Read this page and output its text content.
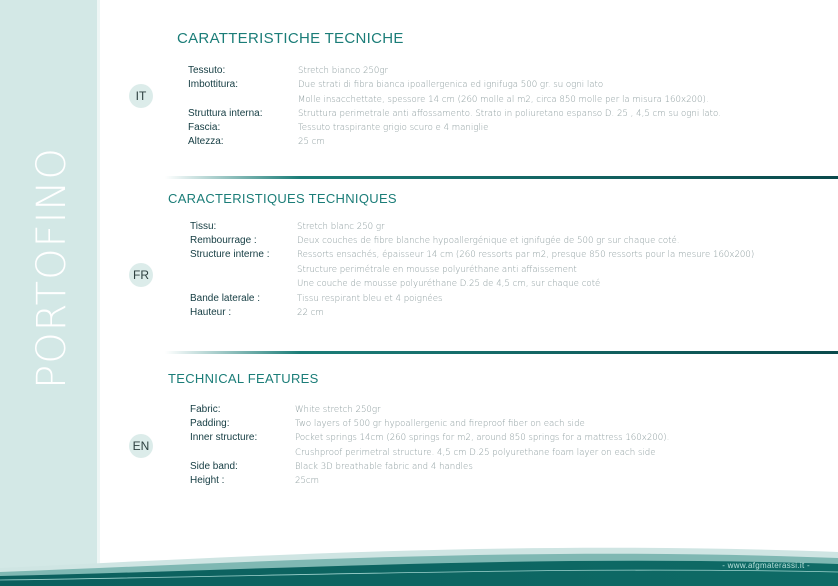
PORTOFINO
IT
CARATTERISTICHE TECNICHE
Tessuto:	Stretch bianco 250gr
Imbottitura:	Due strati di fibra bianca ipoallergenica ed ignifuga 500 gr. su ogni lato
Molle insacchettate, spessore 14 cm (260 molle al m2, circa 850 molle per la misura 160x200).
Struttura interna:	Struttura perimetrale anti affossamento. Strato in poliuretano espanso D. 25 , 4,5 cm su ogni lato.
Fascia:	Tessuto traspirante grigio scuro e 4 maniglie
Altezza:	25 cm
FR
CARACTERISTIQUES TECHNIQUES
Tissu:	Stretch blanc 250 gr
Rembourrage :	Deux couches de fibre blanche hypoallergénique et ignifugée de 500 gr sur chaque coté.
Structure interne :	Ressorts ensachés, épaisseur 14 cm (260 ressorts par m2, presque 850 ressorts pour la mesure 160x200)
Structure perimétrale en mousse polyuréthane anti affaissement
Une couche de mousse polyuréthane D.25 de 4,5 cm, sur chaque coté
Bande laterale :	Tissu respirant bleu et 4 poignées
Hauteur :	22 cm
EN
TECHNICAL FEATURES
Fabric:	White stretch 250gr
Padding:	Two layers of 500 gr hypoallergenic and fireproof fiber on each side
Inner structure:	Pocket springs 14cm (260 springs for m2, around 850 springs for a mattress 160x200).
Crushproof perimetral structure. 4,5 cm D.25 polyurethane foam layer on each side
Side band:	Black 3D breathable fabric and 4 handles
Height :	25cm
- www.afgmaterassi.it -
